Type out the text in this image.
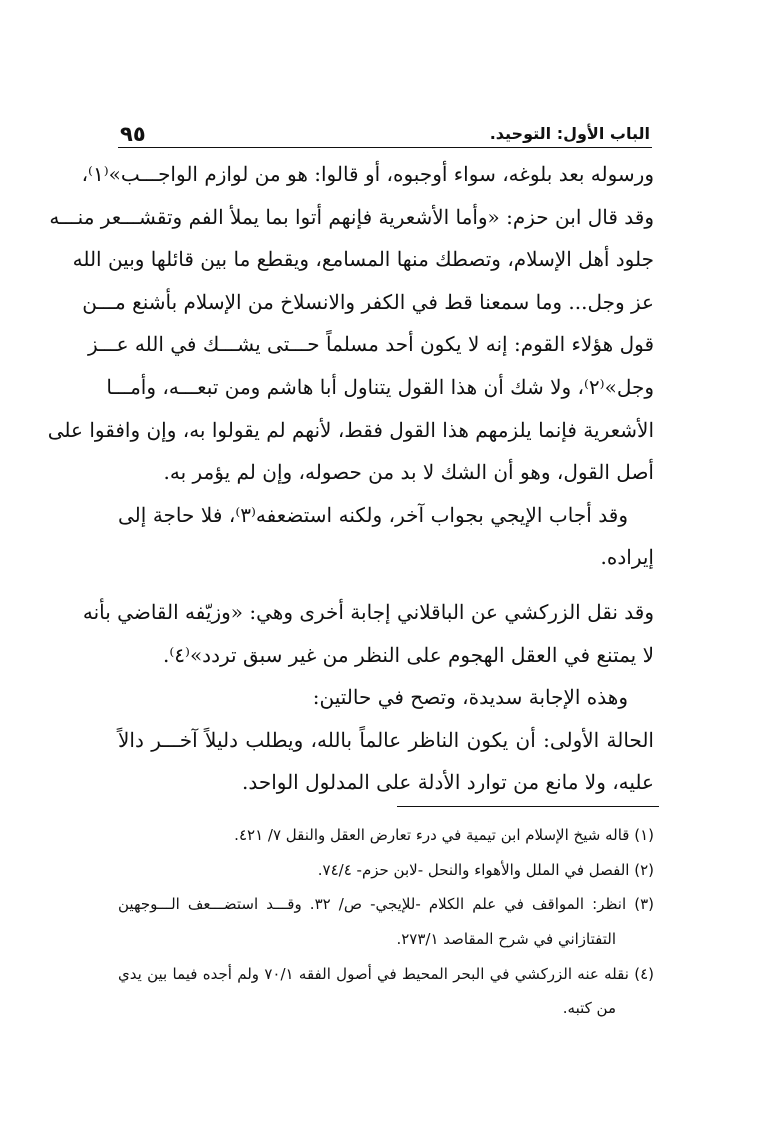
الباب الأول: التوحيد.
٩٥
ورسوله بعد بلوغه، سواء أوجبوه، أو قالوا: هو من لوازم الواجـــب»⁽١⁾،
وقد قال ابن حزم: «وأما الأشعرية فإنهم أتوا بما يملأ الفم وتقشـــعر منـــه
جلود أهل الإسلام، وتصطك منها المسامع، ويقطع ما بين قائلها وبين الله
عز وجل... وما سمعنا قط في الكفر والانسلاخ من الإسلام بأشنع مـــن
قول هؤلاء القوم: إنه لا يكون أحد مسلماً حـــتى يشـــك في الله عـــز
وجل»⁽٢⁾، ولا شك أن هذا القول يتناول أبا هاشم ومن تبعـــه، وأمـــا
الأشعرية فإنما يلزمهم هذا القول فقط، لأنهم لم يقولوا به، وإن وافقوا على
أصل القول، وهو أن الشك لا بد من حصوله، وإن لم يؤمر به.
وقد أجاب الإيجي بجواب آخر، ولكنه استضعفه⁽٣⁾، فلا حاجة إلى
إيراده.
وقد نقل الزركشي عن الباقلاني إجابة أخرى وهي: «وزيّفه القاضي بأنه
لا يمتنع في العقل الهجوم على النظر من غير سبق تردد»⁽٤⁾.
وهذه الإجابة سديدة، وتصح في حالتين:
الحالة الأولى: أن يكون الناظر عالماً بالله، ويطلب دليلاً آخـــر دالاً
عليه، ولا مانع من توارد الأدلة على المدلول الواحد.
(١) قاله شيخ الإسلام ابن تيمية في درء تعارض العقل والنقل ٧/ ٤٢١.
(٢) الفصل في الملل والأهواء والنحل -لابن حزم- ٧٤/٤.
(٣) انظر: المواقف في علم الكلام -للإيجي- ص/ ٣٢. وقـــد استضـــعف الـــوجهين
التفتازاني في شرح المقاصد ٢٧٣/١.
(٤) نقله عنه الزركشي في البحر المحيط في أصول الفقه ٧٠/١ ولم أجده فيما بين يدي
من كتبه.
